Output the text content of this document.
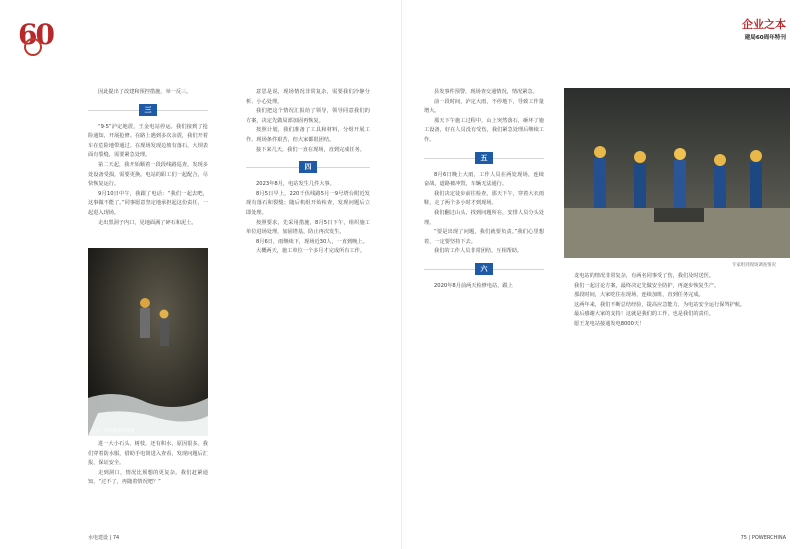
60

因此提出了改建和预控措施，举一反三。

三

“9·5”泸定地震，王金电站停运。我们接到了抢险通知，开展抢修。在路上遇到多次余震，我们开着车在危险地带通过。在现场发现边坡有落石，大坝表面有裂缝，需要紧急处理。

第二天起，我开始顺着一段段线路巡查，发现多处设备受损，需要更换。电站的职工们一起配合，尽快恢复运行。

9月10日中午，我跟了电话：“我们一起去吧，这事做不能了。”同事愿意坚定地承担起这份责任，一起进入现场。

走出黑洞子内口，见地面满了碎石和泥土。

工作人员在隧洞内巡查

进一大小石头、树枝，还有积水，原因很多。我们穿着防水服，借助手电筒进入查看，发现问题后汇报，保证安全。

走到洞口，情况比预想的更复杂。我们赶紧通知，“过不了，再随着情况吧？”

意思是说，现场情况非常复杂，需要我们冷静分析、小心处理。

我们把这个情况汇报给了领导，领导同意我们的方案，决定先做局部加固再恢复。

按照计划，我们准备了工具和材料，分组开展工作。现场条件艰苦，但大家都很团结。

接下来几天，我们一直在现场，直到完成任务。

四

2023年8月，电站发生几件大事。

8月5日早上，220千伏线路5月一9号塔台附近发现有落石和裂缝；随后机组开始检查，发现问题后立即处理。

按照要求，先采用措施，8月5日下午，组织施工单位进场处理，加固塔基，防止再次发生。

8月6日，雨继续下，现场近30人，一直到晚上。

大概两天，施工单位一个多月才完成所有工作。

水电建设 | 74
企业之本
建局60周年特刊

县发事件预警，现场查交通情况，情况紧急。

前一段时间，泸定大雨，不停地下，导致工作量增大。

那天下午施工过程中，山上突然落石，砸坏了施工设备，好在人员没有受伤，我们紧急处理后继续工作。

五

8月6日晚上大雨，工作人员在两处现场，连续奋战，道路被冲毁，车辆无法通行。

我们决定徒步前往检查，那天下午，穿着大衣雨鞋，走了两个多小时才到现场。

我们翻过山头，找到问题所在，安排人员分头处理。

“要是出现了问题，我们就要负责。”我们心里想着，一定要坚持下去。

我们的工作人员非常团结，互相帮助。

六

2020年8月前两天检修电站，跟上

专家组到现场调查情况

龙电站的情况非常复杂，有两名同事受了伤，我们及时送医。

我们一起讨论方案，最终决定先做安全防护，再逐步恢复生产。

那段时间，大家吃住在现场，连续加班，直到任务完成。

这两年来，我们不断总结经验，提高应急能力，为电站安全运行保驾护航。

最后感谢大家的支持！这就是我们的工作，也是我们的责任。

愿王龙电站接通发电8000天！

75 | POWERCHINA
